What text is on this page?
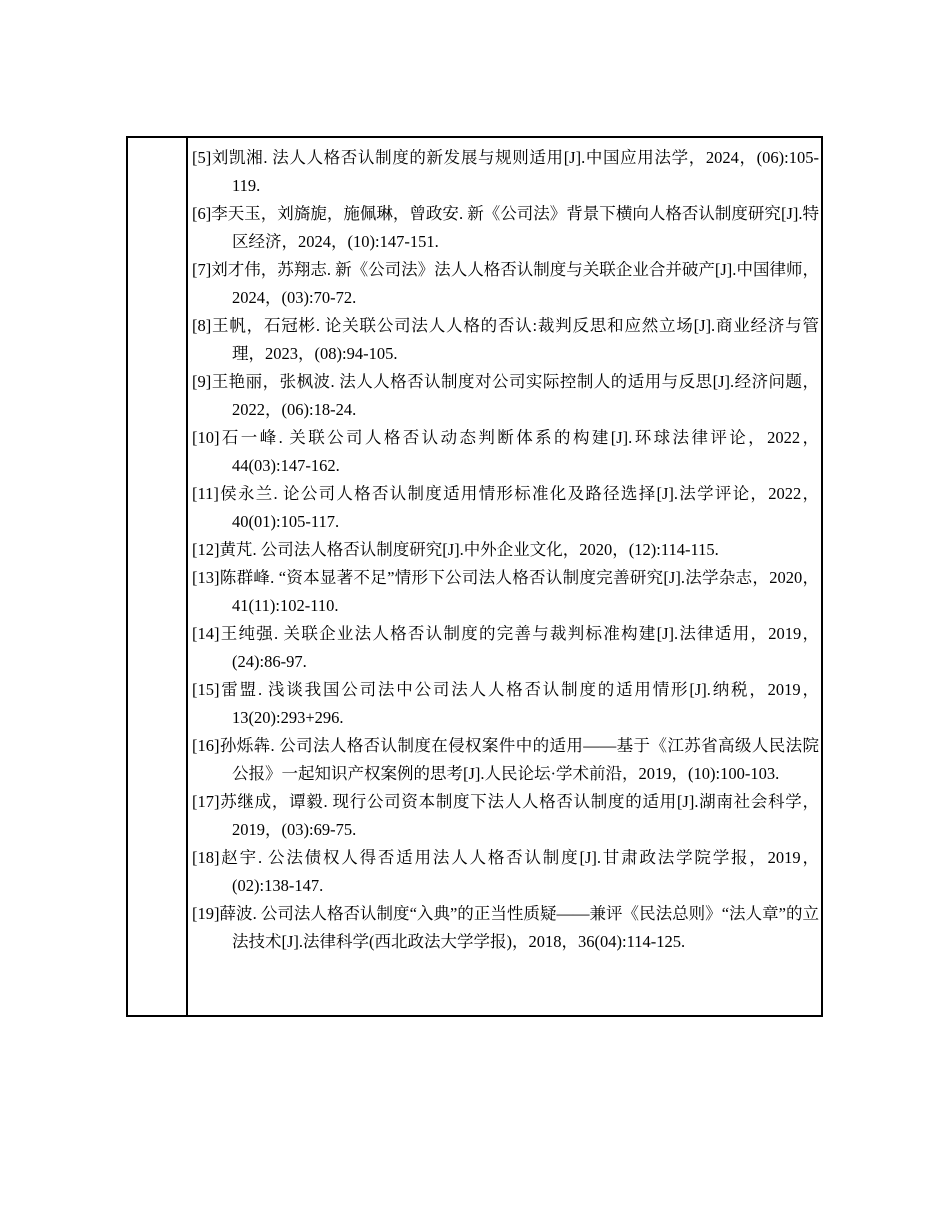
[5]刘凯湘. 法人人格否认制度的新发展与规则适用[J].中国应用法学，2024，(06):105-119.
[6]李天玉，刘旖旎，施佩琳，曾政安. 新《公司法》背景下横向人格否认制度研究[J].特区经济，2024，(10):147-151.
[7]刘才伟，苏翔志. 新《公司法》法人人格否认制度与关联企业合并破产[J].中国律师，2024，(03):70-72.
[8]王帆，石冠彬. 论关联公司法人人格的否认:裁判反思和应然立场[J].商业经济与管理，2023，(08):94-105.
[9]王艳丽，张枫波. 法人人格否认制度对公司实际控制人的适用与反思[J].经济问题，2022，(06):18-24.
[10]石一峰. 关联公司人格否认动态判断体系的构建[J].环球法律评论，2022，44(03):147-162.
[11]侯永兰. 论公司人格否认制度适用情形标准化及路径选择[J].法学评论，2022，40(01):105-117.
[12]黄芃. 公司法人格否认制度研究[J].中外企业文化，2020，(12):114-115.
[13]陈群峰. “资本显著不足”情形下公司法人格否认制度完善研究[J].法学杂志，2020，41(11):102-110.
[14]王纯强. 关联企业法人格否认制度的完善与裁判标准构建[J].法律适用，2019，(24):86-97.
[15]雷盟. 浅谈我国公司法中公司法人人格否认制度的适用情形[J].纳税，2019，13(20):293+296.
[16]孙烁犇. 公司法人格否认制度在侵权案件中的适用——基于《江苏省高级人民法院公报》一起知识产权案例的思考[J].人民论坛·学术前沿，2019，(10):100-103.
[17]苏继成，谭毅. 现行公司资本制度下法人人格否认制度的适用[J].湖南社会科学，2019，(03):69-75.
[18]赵宇. 公法债权人得否适用法人人格否认制度[J].甘肃政法学院学报，2019，(02):138-147.
[19]薛波. 公司法人格否认制度“入典”的正当性质疑——兼评《民法总则》“法人章”的立法技术[J].法律科学(西北政法大学学报)，2018，36(04):114-125.
